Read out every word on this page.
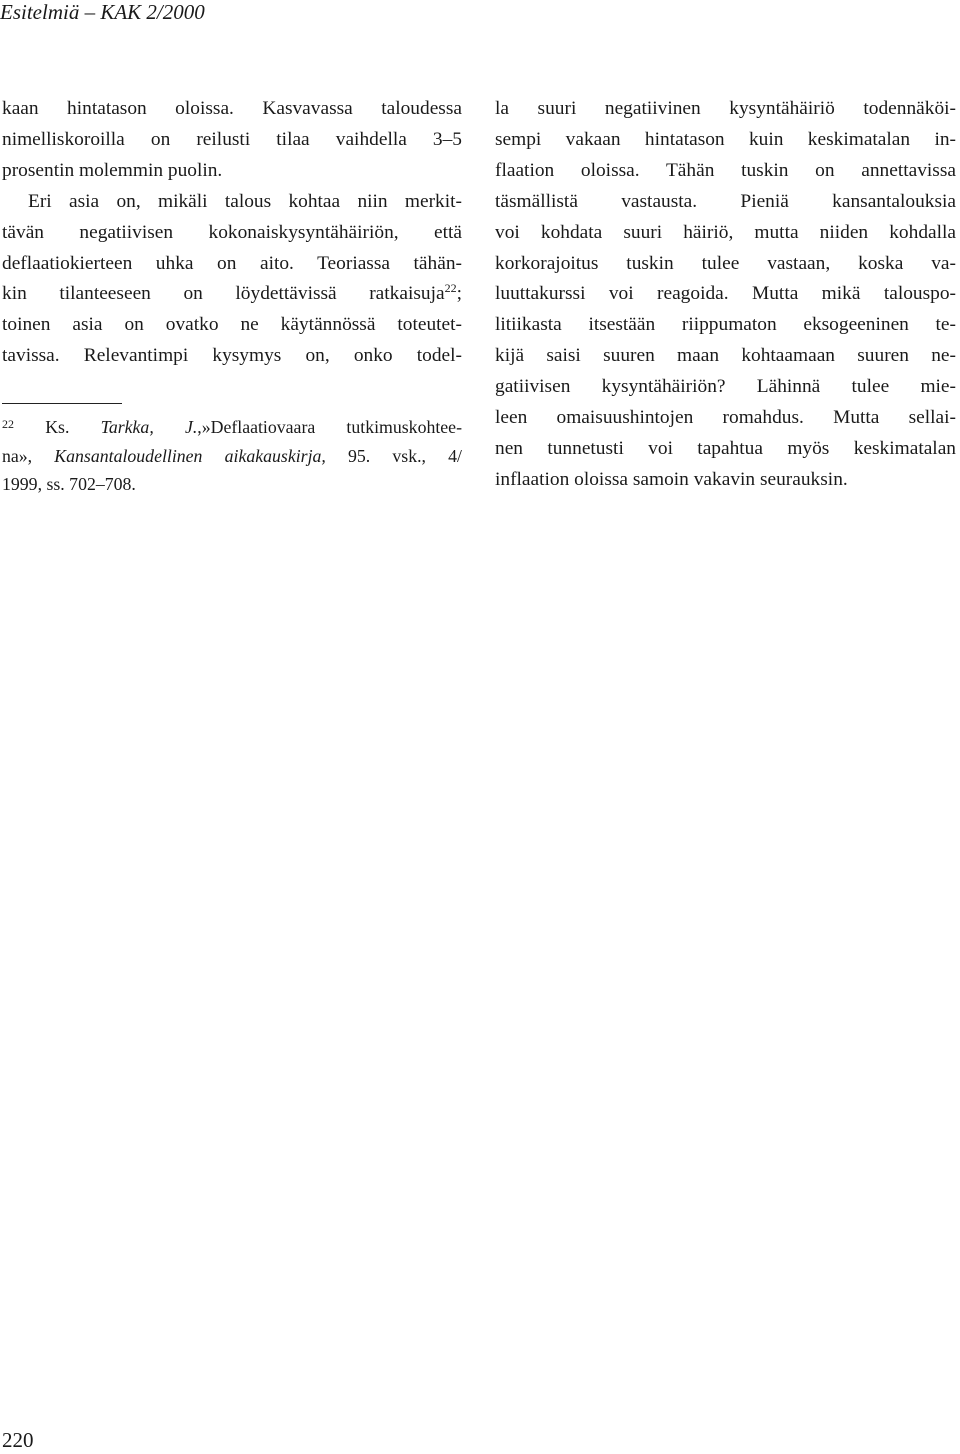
Esitelmiä – KAK 2/2000
kaan hintatason oloissa. Kasvavassa taloudessa
nimelliskoroilla on reilusti tilaa vaihdella 3–5
prosentin molemmin puolin.
Eri asia on, mikäli talous kohtaa niin merkit-
tävän negatiivisen kokonaiskysyntähäiriön, että
deflaatiokierteen uhka on aito. Teoriassa tähän-
kin tilanteeseen on löydettävissä ratkaisuja$^{22}$;
toinen asia on ovatko ne käytännössä toteutet-
tavissa. Relevantimpi kysymys on, onko todel-
$^{22}$ Ks. Tarkka, J.,»Deflaatiovaara tutkimuskohtee-
na», Kansantaloudellinen aikakauskirja, 95. vsk., 4/
1999, ss. 702–708.
la suuri negatiivinen kysyntähäiriö todennäköi-
sempi vakaan hintatason kuin keskimatalan in-
flaation oloissa. Tähän tuskin on annettavissa
täsmällistä vastausta. Pieniä kansantalouksia
voi kohdata suuri häiriö, mutta niiden kohdalla
korkorajoitus tuskin tulee vastaan, koska va-
luuttakurssi voi reagoida. Mutta mikä talouspo-
litiikasta itsestään riippumaton eksogeeninen te-
kijä saisi suuren maan kohtaamaan suuren ne-
gatiivisen kysyntähäiriön? Lähinnä tulee mie-
leen omaisuushintojen romahdus. Mutta sellai-
nen tunnetusti voi tapahtua myös keskimatalan
inflaation oloissa samoin vakavin seurauksin.
220
